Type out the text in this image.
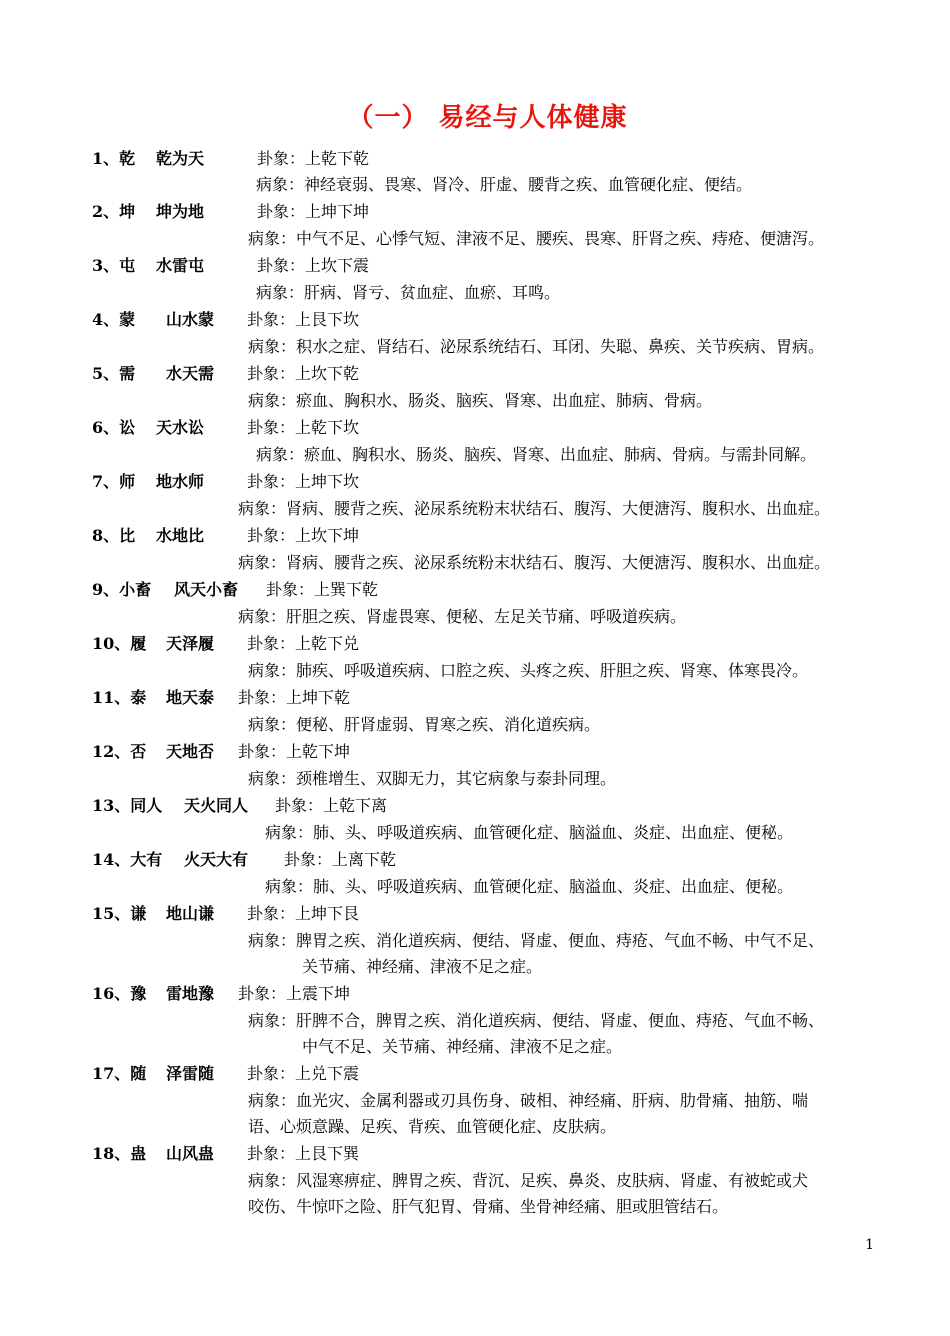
（一） 易经与人体健康
1、乾	乾为天	卦象：上乾下乾
病象：神经衰弱、畏寒、肾冷、肝虚、腰背之疾、血管硬化症、便结。
2、坤 坤为地	卦象：上坤下坤
病象：中气不足、心悸气短、津液不足、腰疾、畏寒、肝肾之疾、痔疮、便溏泻。
3、屯 水雷屯	卦象：上坎下震
病象：肝病、肾亏、贫血症、血瘀、耳鸣。
4、蒙 山水蒙 卦象：上艮下坎
病象：积水之症、肾结石、泌尿系统结石、耳闭、失聪、鼻疾、关节疾病、胃病。
5、需 水天需 卦象：上坎下乾
病象：瘀血、胸积水、肠炎、脑疾、肾寒、出血症、肺病、骨病。
6、讼 天水讼	卦象：上乾下坎
病象：瘀血、胸积水、肠炎、脑疾、肾寒、出血症、肺病、骨病。与需卦同解。
7、师 地水师	卦象：上坤下坎
病象：肾病、腰背之疾、泌尿系统粉末状结石、腹泻、大便溏泻、腹积水、出血症。
8、比 水地比	卦象：上坎下坤
病象：肾病、腰背之疾、泌尿系统粉末状结石、腹泻、大便溏泻、腹积水、出血症。
9、小畜 风天小畜 卦象：上巽下乾
病象：肝胆之疾、肾虚畏寒、便秘、左足关节痛、呼吸道疾病。
10、履 天泽履 卦象：上乾下兑
病象：肺疾、呼吸道疾病、口腔之疾、头疼之疾、肝胆之疾、肾寒、体寒畏冷。
11、泰 地天泰 卦象：上坤下乾
病象：便秘、肝肾虚弱、胃寒之疾、消化道疾病。
12、否 天地否 卦象：上乾下坤
病象：颈椎增生、双脚无力，其它病象与泰卦同理。
13、同人 天火同人 卦象：上乾下离
病象：肺、头、呼吸道疾病、血管硬化症、脑溢血、炎症、出血症、便秘。
14、大有 火天大有 卦象：上离下乾
病象：肺、头、呼吸道疾病、血管硬化症、脑溢血、炎症、出血症、便秘。
15、谦 地山谦 卦象：上坤下艮
病象：脾胃之疾、消化道疾病、便结、肾虚、便血、痔疮、气血不畅、中气不足、
关节痛、神经痛、津液不足之症。
16、豫 雷地豫 卦象：上震下坤
病象：肝脾不合，脾胃之疾、消化道疾病、便结、肾虚、便血、痔疮、气血不畅、
中气不足、关节痛、神经痛、津液不足之症。
17、随 泽雷随 卦象：上兑下震
病象：血光灾、金属利器或刃具伤身、破相、神经痛、肝病、肋骨痛、抽筋、喘
语、心烦意躁、足疾、背疾、血管硬化症、皮肤病。
18、蛊 山风蛊 卦象：上艮下巽
病象：风湿寒痹症、脾胃之疾、背沉、足疾、鼻炎、皮肤病、肾虚、有被蛇或犬
咬伤、牛惊吓之险、肝气犯胃、骨痛、坐骨神经痛、胆或胆管结石。
1
